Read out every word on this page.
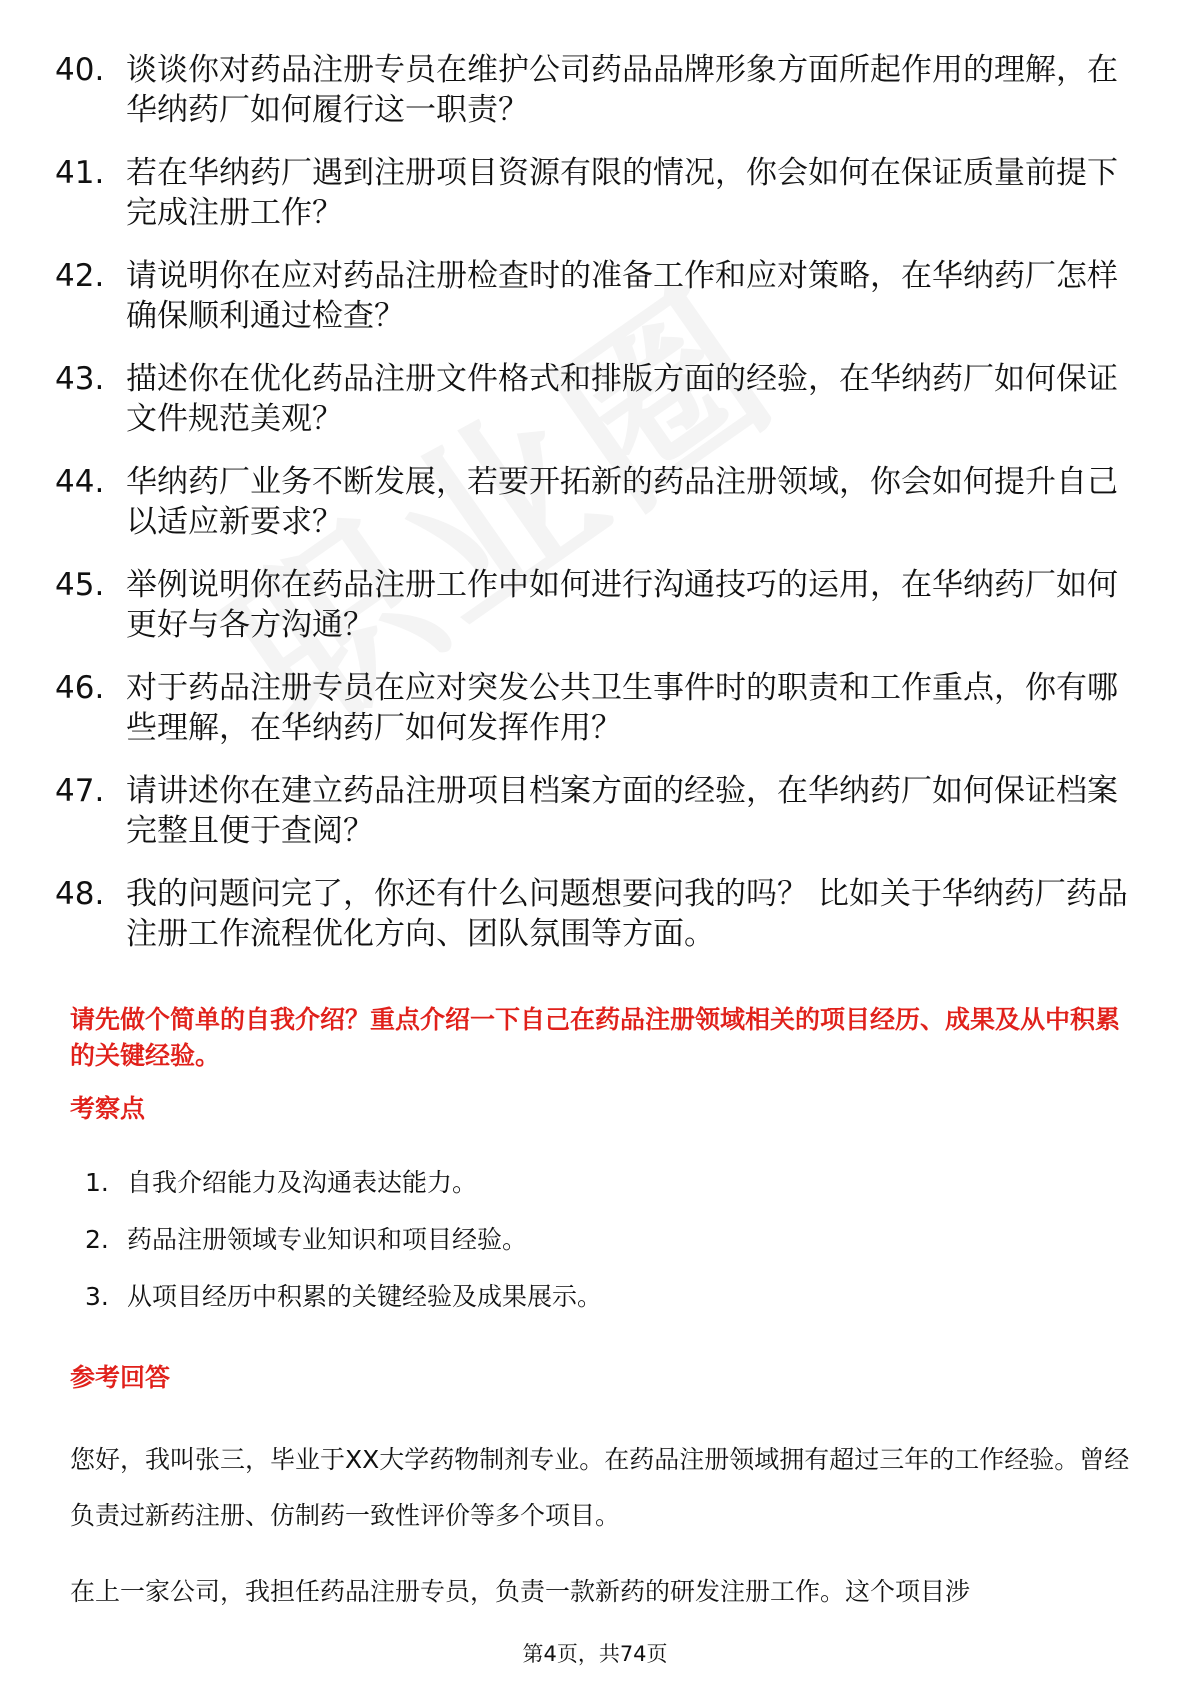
40. 谈谈你对药品注册专员在维护公司药品品牌形象方面所起作用的理解，在华纳药厂如何履行这一职责？
41. 若在华纳药厂遇到注册项目资源有限的情况，你会如何在保证质量前提下完成注册工作？
42. 请说明你在应对药品注册检查时的准备工作和应对策略，在华纳药厂怎样确保顺利通过检查？
43. 描述你在优化药品注册文件格式和排版方面的经验，在华纳药厂如何保证文件规范美观？
44. 华纳药厂业务不断发展，若要开拓新的药品注册领域，你会如何提升自己以适应新要求？
45. 举例说明你在药品注册工作中如何进行沟通技巧的运用，在华纳药厂如何更好与各方沟通？
46. 对于药品注册专员在应对突发公共卫生事件时的职责和工作重点，你有哪些理解，在华纳药厂如何发挥作用？
47. 请讲述你在建立药品注册项目档案方面的经验，在华纳药厂如何保证档案完整且便于查阅？
48. 我的问题问完了，你还有什么问题想要问我的吗？ 比如关于华纳药厂药品注册工作流程优化方向、团队氛围等方面。
请先做个简单的自我介绍？重点介绍一下自己在药品注册领域相关的项目经历、成果及从中积累的关键经验。
考察点
1. 自我介绍能力及沟通表达能力。
2. 药品注册领域专业知识和项目经验。
3. 从项目经历中积累的关键经验及成果展示。
参考回答
您好，我叫张三，毕业于XX大学药物制剂专业。在药品注册领域拥有超过三年的工作经验。曾经负责过新药注册、仿制药一致性评价等多个项目。
在上一家公司，我担任药品注册专员，负责一款新药的研发注册工作。这个项目涉
第4页，共74页
